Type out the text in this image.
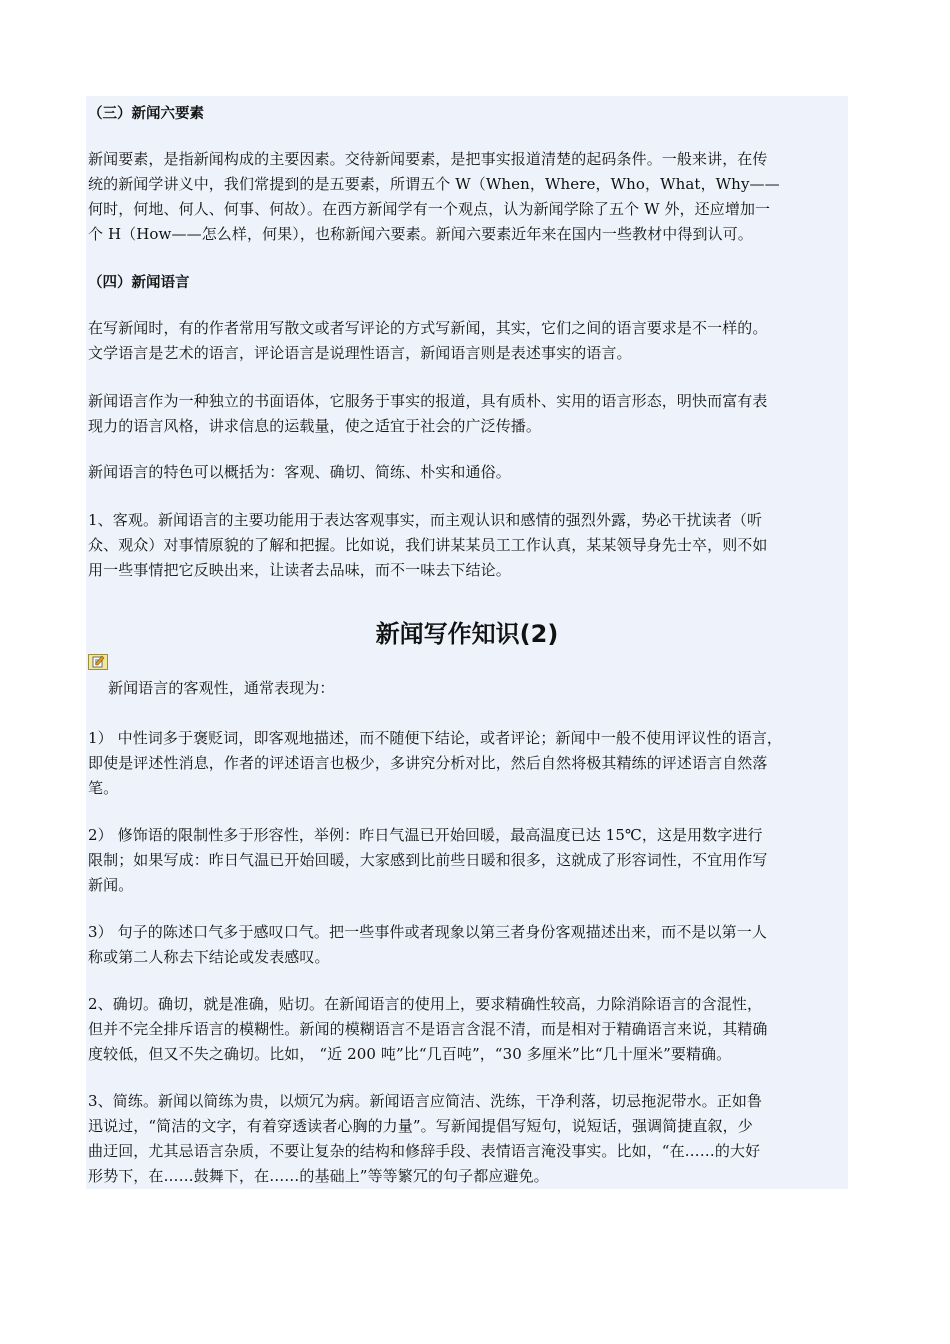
（三）新闻六要素
新闻要素，是指新闻构成的主要因素。交待新闻要素，是把事实报道清楚的起码条件。一般来讲，在传
统的新闻学讲义中，我们常提到的是五要素，所谓五个 W（When，Where，Who，What，Why——
何时，何地、何人、何事、何故）。在西方新闻学有一个观点，认为新闻学除了五个 W 外，还应增加一
个 H（How——怎么样，何果），也称新闻六要素。新闻六要素近年来在国内一些教材中得到认可。
（四）新闻语言
在写新闻时，有的作者常用写散文或者写评论的方式写新闻，其实，它们之间的语言要求是不一样的。
文学语言是艺术的语言，评论语言是说理性语言，新闻语言则是表述事实的语言。
新闻语言作为一种独立的书面语体，它服务于事实的报道，具有质朴、实用的语言形态，明快而富有表
现力的语言风格，讲求信息的运载量，使之适宜于社会的广泛传播。
新闻语言的特色可以概括为：客观、确切、简练、朴实和通俗。
1、客观。新闻语言的主要功能用于表达客观事实，而主观认识和感情的强烈外露，势必干扰读者（听
众、观众）对事情原貌的了解和把握。比如说，我们讲某某员工工作认真，某某领导身先士卒，则不如
用一些事情把它反映出来，让读者去品味，而不一味去下结论。
新闻写作知识(2)
　 新闻语言的客观性，通常表现为：
1） 中性词多于褒贬词，即客观地描述，而不随便下结论，或者评论；新闻中一般不使用评议性的语言，
即使是评述性消息，作者的评述语言也极少，多讲究分析对比，然后自然将极其精练的评述语言自然落
笔。
2） 修饰语的限制性多于形容性，举例：昨日气温已开始回暖，最高温度已达 15℃，这是用数字进行
限制；如果写成：昨日气温已开始回暖，大家感到比前些日暖和很多，这就成了形容词性，不宜用作写
新闻。
3） 句子的陈述口气多于感叹口气。把一些事件或者现象以第三者身份客观描述出来，而不是以第一人
称或第二人称去下结论或发表感叹。
2、确切。确切，就是准确，贴切。在新闻语言的使用上，要求精确性较高，力除消除语言的含混性，
但并不完全排斥语言的模糊性。新闻的模糊语言不是语言含混不清，而是相对于精确语言来说，其精确
度较低，但又不失之确切。比如， “近 200 吨”比“几百吨”，“30 多厘米”比“几十厘米”要精确。
3、简练。新闻以简练为贵，以烦冗为病。新闻语言应简洁、洗练，干净利落，切忌拖泥带水。正如鲁
迅说过，“简洁的文字，有着穿透读者心胸的力量”。写新闻提倡写短句，说短话，强调简捷直叙，少
曲迂回，尤其忌语言杂质，不要让复杂的结构和修辞手段、表情语言淹没事实。比如，“在……的大好
形势下，在……鼓舞下，在……的基础上”等等繁冗的句子都应避免。
